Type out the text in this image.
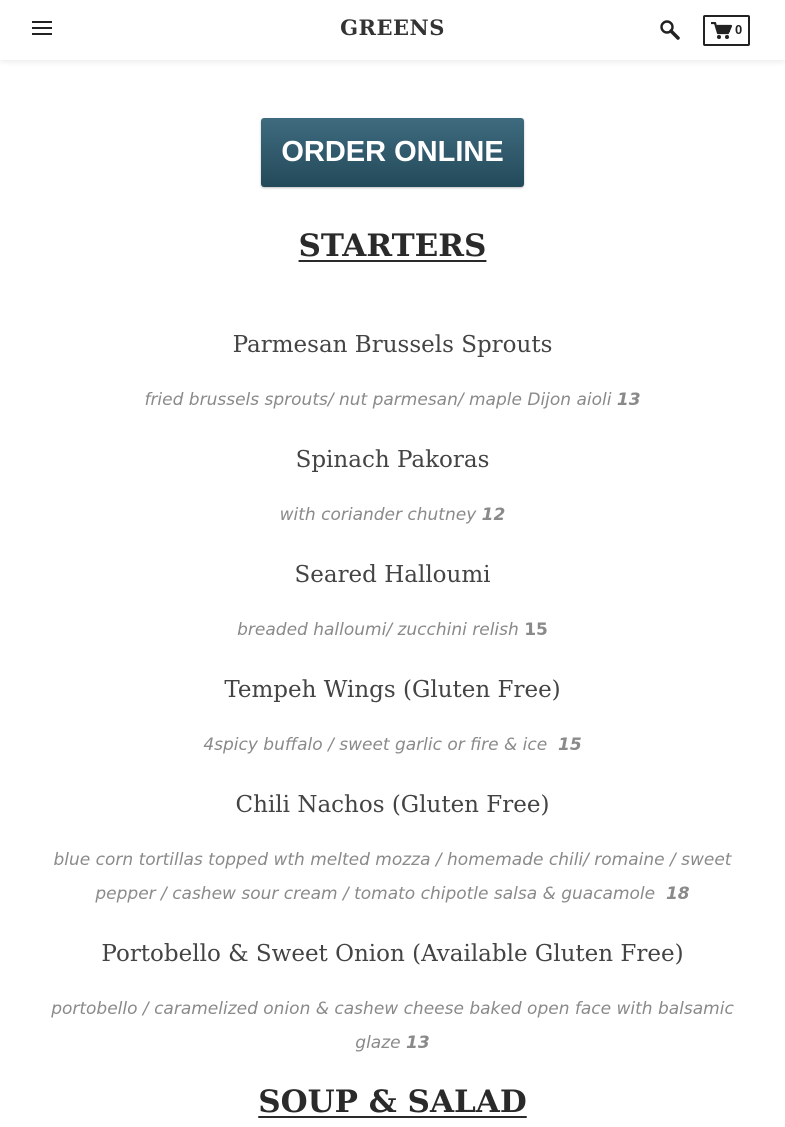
GREENS	0
ORDER ONLINE
STARTERS
Parmesan Brussels Sprouts
fried brussels sprouts/ nut parmesan/ maple Dijon aioli 13
Spinach Pakoras
with coriander chutney 12
Seared Halloumi
breaded halloumi/ zucchini relish 15
Tempeh Wings (Gluten Free)
4spicy buffalo / sweet garlic or fire & ice 15
Chili Nachos (Gluten Free)
blue corn tortillas topped wth melted mozza / homemade chili/ romaine / sweet pepper / cashew sour cream / tomato chipotle salsa & guacamole 18
Portobello & Sweet Onion (Available Gluten Free)
portobello / caramelized onion & cashew cheese baked open face with balsamic glaze 13
SOUP & SALAD
